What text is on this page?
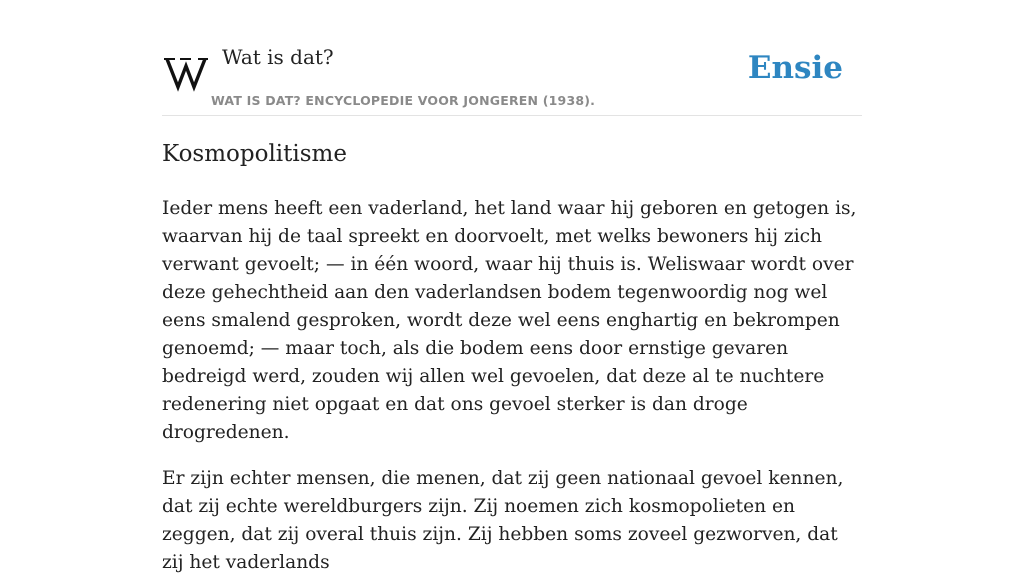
Wat is dat?
WAT IS DAT? ENCYCLOPEDIE VOOR JONGEREN (1938).
Ensie
Kosmopolitisme

Ieder mens heeft een vaderland, het land waar hij geboren en getogen is, waarvan hij de taal spreekt en doorvoelt, met welks bewoners hij zich verwant gevoelt; — in één woord, waar hij thuis is. Weliswaar wordt over deze gehechtheid aan den vaderlandsen bodem tegenwoordig nog wel eens smalend gesproken, wordt deze wel eens enghartig en bekrompen genoemd; — maar toch, als die bodem eens door ernstige gevaren bedreigd werd, zouden wij allen wel gevoelen, dat deze al te nuchtere redenering niet opgaat en dat ons gevoel sterker is dan droge drogredenen.

Er zijn echter mensen, die menen, dat zij geen nationaal gevoel kennen, dat zij echte wereldburgers zijn. Zij noemen zich kosmopolieten en zeggen, dat zij overal thuis zijn. Zij hebben soms zoveel gezworven, dat zij het vaderlands
